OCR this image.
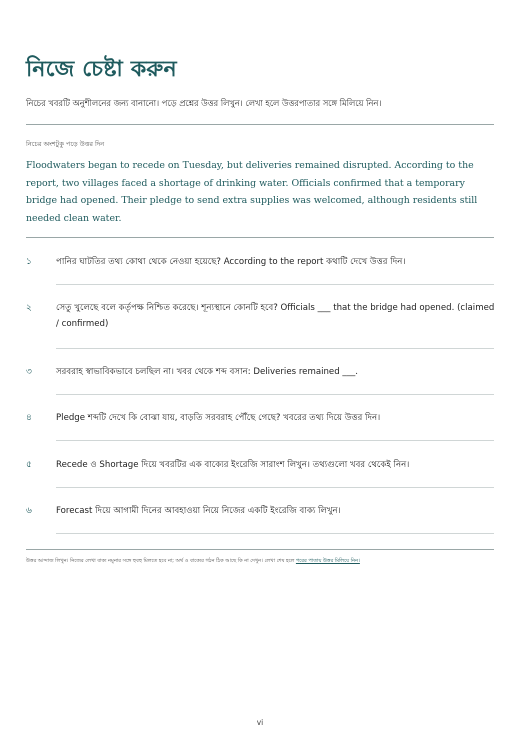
নিজে চেষ্টা করুন
নিচের খবরটি অনুশীলনের জন্য বানানো। পড়ে প্রশ্নের উত্তর লিখুন। লেখা হলে উত্তরপাতার সঙ্গে মিলিয়ে নিন।
নিচের অংশটুকু পড়ে উত্তর দিন
Floodwaters began to recede on Tuesday, but deliveries remained disrupted. According to the report, two villages faced a shortage of drinking water. Officials confirmed that a temporary bridge had opened. Their pledge to send extra supplies was welcomed, although residents still needed clean water.
১	পানির ঘাটতির তথ্য কোথা থেকে নেওয়া হয়েছে? According to the report কথাটি দেখে উত্তর দিন।
২	সেতু খুলেছে বলে কর্তৃপক্ষ নিশ্চিত করেছে। শূন্যস্থানে কোনটি হবে? Officials ___ that the bridge had opened. (claimed / confirmed)
৩	সরবরাহ স্বাভাবিকভাবে চলছিল না। খবর থেকে শব্দ বসান: Deliveries remained ___.
৪	Pledge শব্দটি দেখে কি বোঝা যায়, বাড়তি সরবরাহ পৌঁছে গেছে? খবরের তথ্য দিয়ে উত্তর দিন।
৫	Recede ও Shortage দিয়ে খবরটির এক বাক্যের ইংরেজি সারাংশ লিখুন। তথ্যগুলো খবর থেকেই নিন।
৬	Forecast দিয়ে আগামী দিনের আবহাওয়া নিয়ে নিজের একটি ইংরেজি বাক্য লিখুন।
উত্তর আন্দাজ লিখুন। নিজের লেখা বাক্য নমুনার সঙ্গে হুবহু মিলতে হবে না; অর্থ ও বাক্যের গঠন ঠিক আছে কি না দেখুন। লেখা শেষ হলে পরের পাতায় উত্তর মিলিয়ে নিন।
vi
